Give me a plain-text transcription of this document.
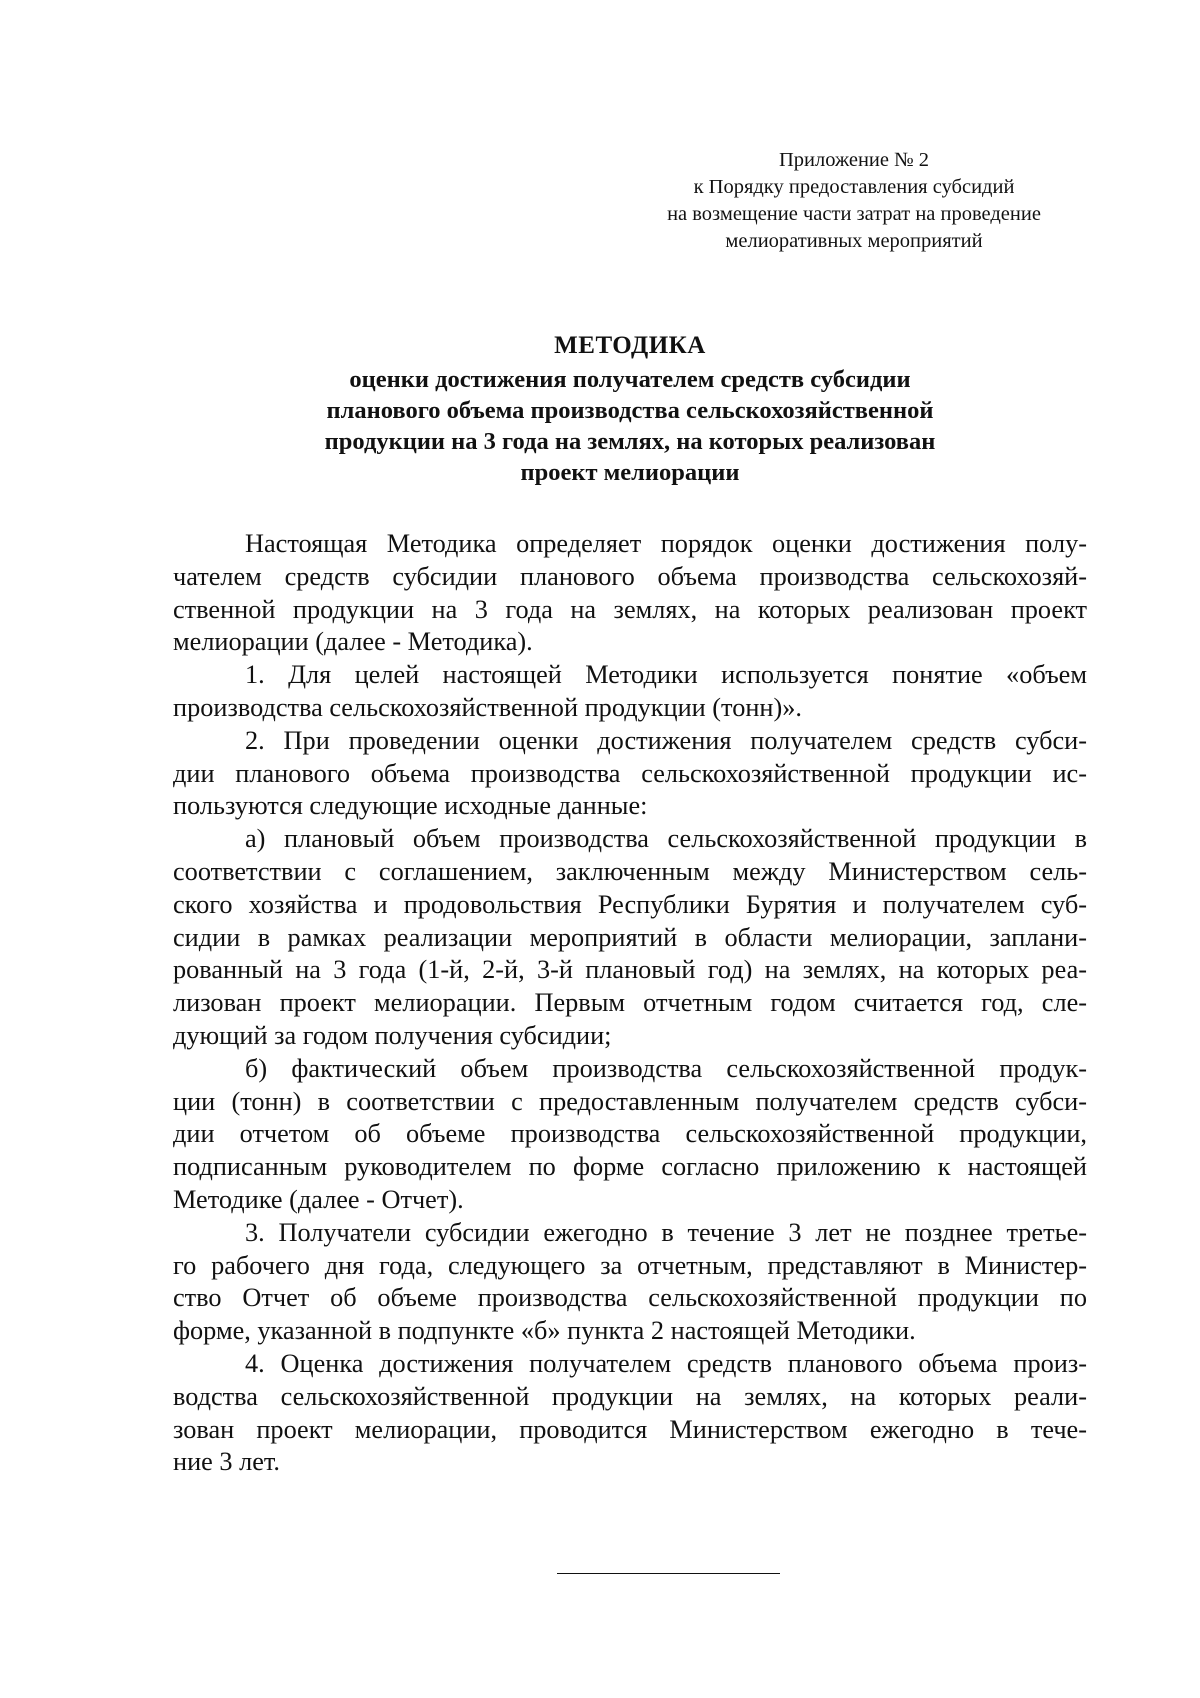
Приложение № 2
к Порядку предоставления субсидий
на возмещение части затрат на проведение
мелиоративных мероприятий
МЕТОДИКА
оценки достижения получателем средств субсидии
планового объема производства сельскохозяйственной
продукции на 3 года на землях, на которых реализован
проект мелиорации
Настоящая Методика определяет порядок оценки достижения полу-
чателем средств субсидии планового объема производства сельскохозяй-
ственной продукции на 3 года на землях, на которых реализован проект
мелиорации (далее - Методика).
1. Для целей настоящей Методики используется понятие «объем
производства сельскохозяйственной продукции (тонн)».
2. При проведении оценки достижения получателем средств субси-
дии планового объема производства сельскохозяйственной продукции ис-
пользуются следующие исходные данные:
а) плановый объем производства сельскохозяйственной продукции в
соответствии с соглашением, заключенным между Министерством сель-
ского хозяйства и продовольствия Республики Бурятия и получателем суб-
сидии в рамках реализации мероприятий в области мелиорации, заплани-
рованный на 3 года (1-й, 2-й, 3-й плановый год) на землях, на которых реа-
лизован проект мелиорации. Первым отчетным годом считается год, сле-
дующий за годом получения субсидии;
б) фактический объем производства сельскохозяйственной продук-
ции (тонн) в соответствии с предоставленным получателем средств субси-
дии отчетом об объеме производства сельскохозяйственной продукции,
подписанным руководителем по форме согласно приложению к настоящей
Методике (далее - Отчет).
3. Получатели субсидии ежегодно в течение 3 лет не позднее третье-
го рабочего дня года, следующего за отчетным, представляют в Министер-
ство Отчет об объеме производства сельскохозяйственной продукции по
форме, указанной в подпункте «б» пункта 2 настоящей Методики.
4. Оценка достижения получателем средств планового объема произ-
водства сельскохозяйственной продукции на землях, на которых реали-
зован проект мелиорации, проводится Министерством ежегодно в тече-
ние 3 лет.
